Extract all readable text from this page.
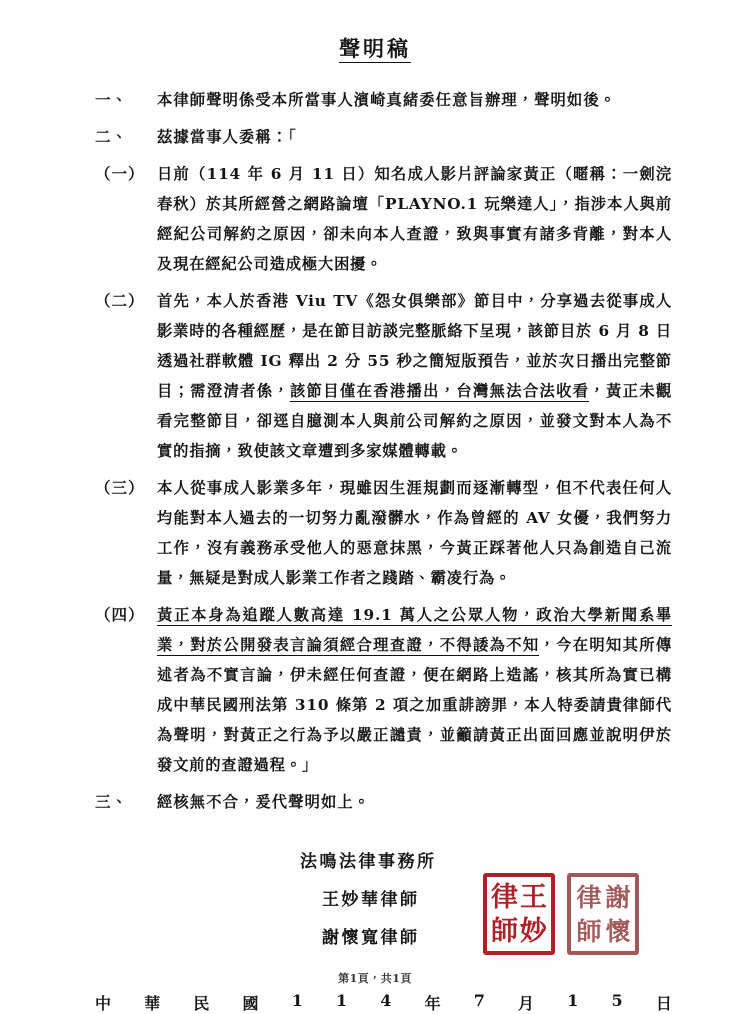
聲明稿
一、	本律師聲明係受本所當事人濱崎真緒委任意旨辦理，聲明如後。
二、	茲據當事人委稱：「
（一） 日前（114 年 6 月 11 日）知名成人影片評論家黃正（暱稱：一劍浣春秋）於其所經營之網路論壇「PLAYNO.1 玩樂達人」，指涉本人與前經紀公司解約之原因，卻未向本人查證，致與事實有諸多背離，對本人及現在經紀公司造成極大困擾。
（二） 首先，本人於香港 Viu TV《怨女俱樂部》節目中，分享過去從事成人影業時的各種經歷，是在節目訪談完整脈絡下呈現，該節目於 6 月 8 日透過社群軟體 IG 釋出 2 分 55 秒之簡短版預告，並於次日播出完整節目；需澄清者係，該節目僅在香港播出，台灣無法合法收看，黃正未觀看完整節目，卻逕自臆測本人與前公司解約之原因，並發文對本人為不實的指摘，致使該文章遭到多家媒體轉載。
（三） 本人從事成人影業多年，現雖因生涯規劃而逐漸轉型，但不代表任何人均能對本人過去的一切努力亂潑髒水，作為曾經的 AV 女優，我們努力工作，沒有義務承受他人的惡意抹黑，今黃正踩著他人只為創造自己流量，無疑是對成人影業工作者之踐踏、霸凌行為。
（四） 黃正本身為追蹤人數高達 19.1 萬人之公眾人物，政治大學新聞系畢業，對於公開發表言論須經合理查證，不得諉為不知，今在明知其所傳述者為不實言論，伊未經任何查證，便在網路上造謠，核其所為實已構成中華民國刑法第 310 條第 2 項之加重誹謗罪，本人特委請貴律師代為聲明，對黃正之行為予以嚴正譴責，並籲請黃正出面回應並說明伊於發文前的查證過程。」
三、	經核無不合，爰代聲明如上。
法鳴法律事務所
王妙華律師
謝懷寬律師
王
妙
律
師
謝
懷
律
師
中 華 民 國 1 1 4 年 7 月 1 5 日
第1頁，共1頁
